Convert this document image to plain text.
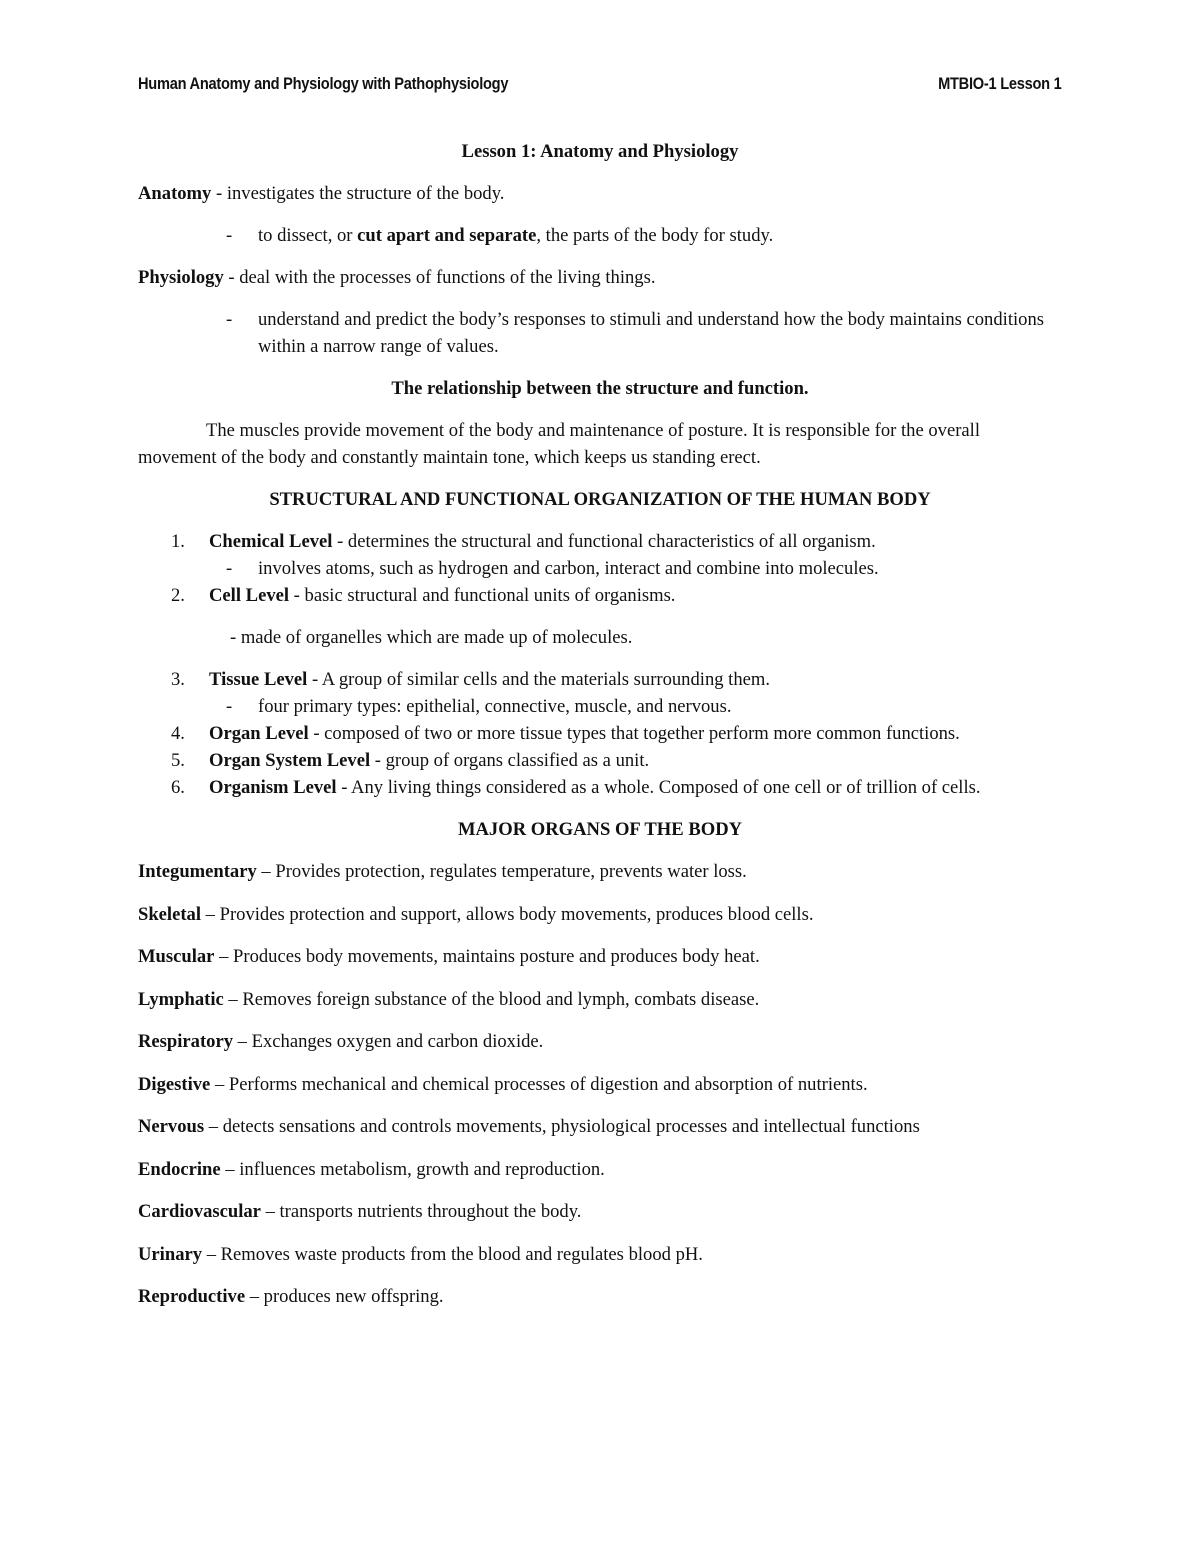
Human Anatomy and Physiology with Pathophysiology	MTBIO-1 Lesson 1

Lesson 1: Anatomy and Physiology

Anatomy - investigates the structure of the body.

- to dissect, or cut apart and separate, the parts of the body for study.

Physiology - deal with the processes of functions of the living things.

- understand and predict the body’s responses to stimuli and understand how the body maintains conditions within a narrow range of values.

The relationship between the structure and function.

The muscles provide movement of the body and maintenance of posture. It is responsible for the overall movement of the body and constantly maintain tone, which keeps us standing erect.

STRUCTURAL AND FUNCTIONAL ORGANIZATION OF THE HUMAN BODY

1. Chemical Level - determines the structural and functional characteristics of all organism.
- involves atoms, such as hydrogen and carbon, interact and combine into molecules.
2. Cell Level - basic structural and functional units of organisms.
- made of organelles which are made up of molecules.
3. Tissue Level - A group of similar cells and the materials surrounding them.
- four primary types: epithelial, connective, muscle, and nervous.
4. Organ Level - composed of two or more tissue types that together perform more common functions.
5. Organ System Level - group of organs classified as a unit.
6. Organism Level - Any living things considered as a whole. Composed of one cell or of trillion of cells.

MAJOR ORGANS OF THE BODY

Integumentary – Provides protection, regulates temperature, prevents water loss.

Skeletal – Provides protection and support, allows body movements, produces blood cells.

Muscular – Produces body movements, maintains posture and produces body heat.

Lymphatic – Removes foreign substance of the blood and lymph, combats disease.

Respiratory – Exchanges oxygen and carbon dioxide.

Digestive – Performs mechanical and chemical processes of digestion and absorption of nutrients.

Nervous – detects sensations and controls movements, physiological processes and intellectual functions

Endocrine – influences metabolism, growth and reproduction.

Cardiovascular – transports nutrients throughout the body.

Urinary – Removes waste products from the blood and regulates blood pH.

Reproductive – produces new offspring.
